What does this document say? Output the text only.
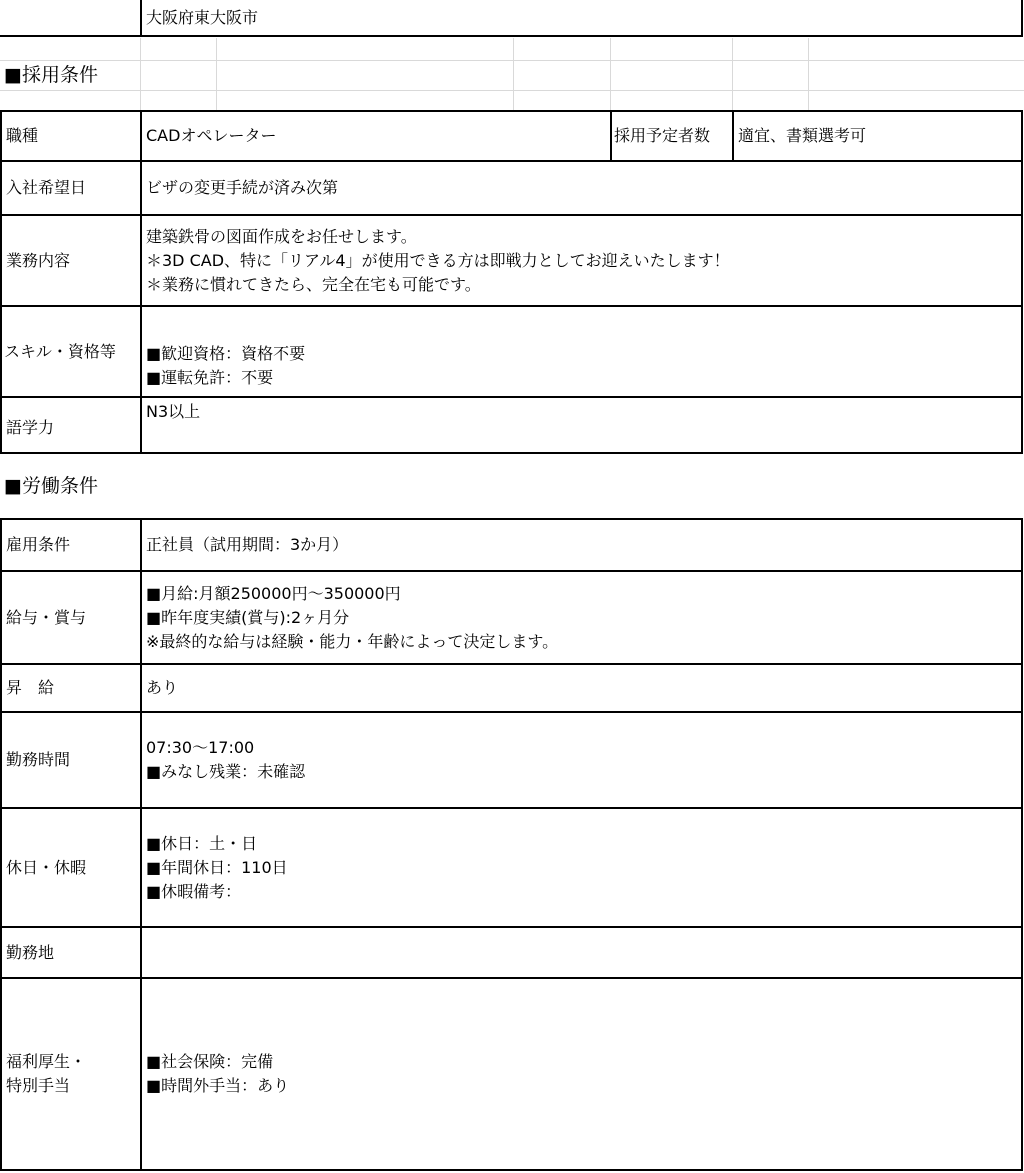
	大阪府東大阪市
■採用条件
職種	CADオペレーター	採用予定者数	適宜、書類選考可
入社希望日	ビザの変更手続が済み次第		
業務内容	建築鉄骨の図面作成をお任せします。
＊3D CAD、特に「リアル4」が使用できる方は即戦力としてお迎えいたします！
＊業務に慣れてきたら、完全在宅も可能です。		

スキル・資格等	■歓迎資格：資格不要
■運転免許：不要		

語学力	N3以上		
■労働条件
雇用条件	正社員（試用期間：3か月）
給与・賞与	■月給:月額250000円～350000円
■昨年度実績(賞与):2ヶ月分
※最終的な給与は経験・能力・年齢によって決定します。

昇　給	あり
勤務時間	07:30～17:00
■みなし残業：未確認

休日・休暇	■休日：土・日
■年間休日：110日
■休暇備考：

勤務地	

福利厚生・
特別手当	■社会保険：完備
■時間外手当：あり
